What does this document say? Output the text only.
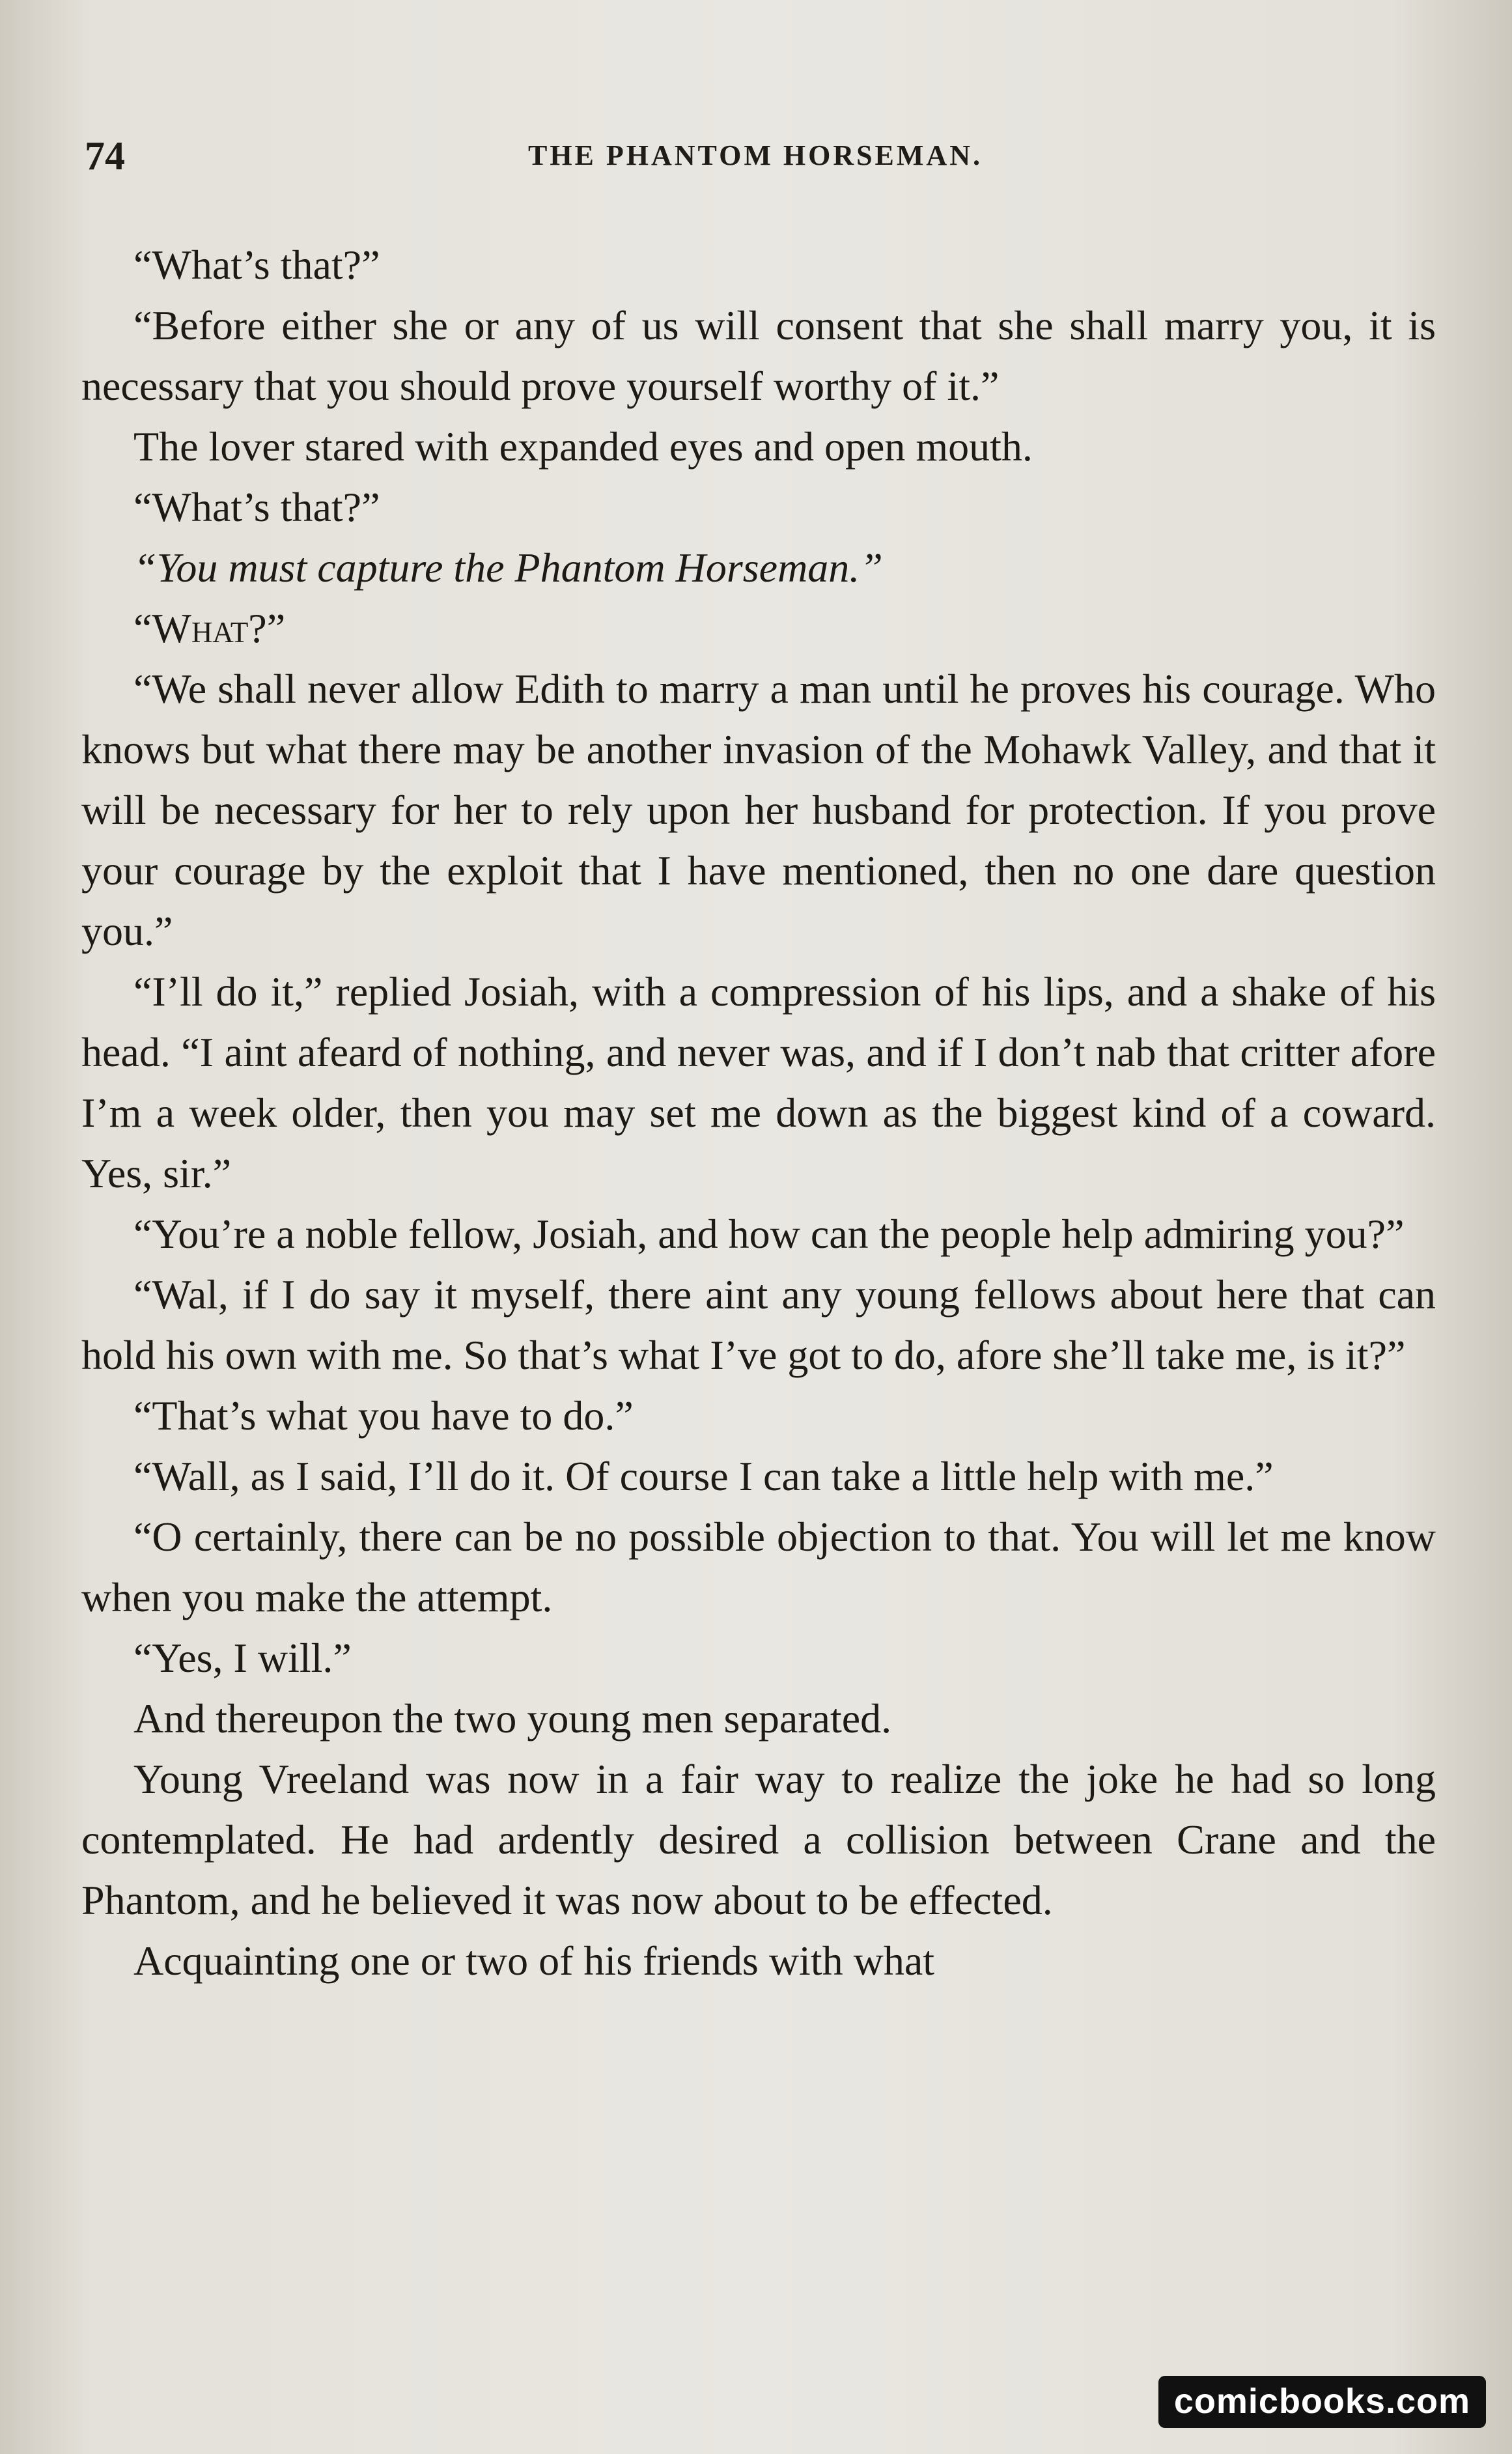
74	THE PHANTOM HORSEMAN.

“What’s that?”

“Before either she or any of us will consent that she shall marry you, it is necessary that you should prove yourself worthy of it.”

The lover stared with expanded eyes and open mouth.

“What’s that?”

“You must capture the Phantom Horseman.”

“What?”

“We shall never allow Edith to marry a man until he proves his courage. Who knows but what there may be another invasion of the Mohawk Valley, and that it will be necessary for her to rely upon her husband for protection. If you prove your courage by the exploit that I have mentioned, then no one dare question you.”

“I’ll do it,” replied Josiah, with a compression of his lips, and a shake of his head. “I aint afeard of nothing, and never was, and if I don’t nab that critter afore I’m a week older, then you may set me down as the biggest kind of a coward. Yes, sir.”

“You’re a noble fellow, Josiah, and how can the people help admiring you?”

“Wal, if I do say it myself, there aint any young fellows about here that can hold his own with me. So that’s what I’ve got to do, afore she’ll take me, is it?”

“That’s what you have to do.”

“Wall, as I said, I’ll do it. Of course I can take a little help with me.”

“O certainly, there can be no possible objection to that. You will let me know when you make the attempt.

“Yes, I will.”

And thereupon the two young men separated.

Young Vreeland was now in a fair way to realize the joke he had so long contemplated. He had ardently desired a collision between Crane and the Phantom, and he believed it was now about to be effected.

Acquainting one or two of his friends with what

comicbooks.com
